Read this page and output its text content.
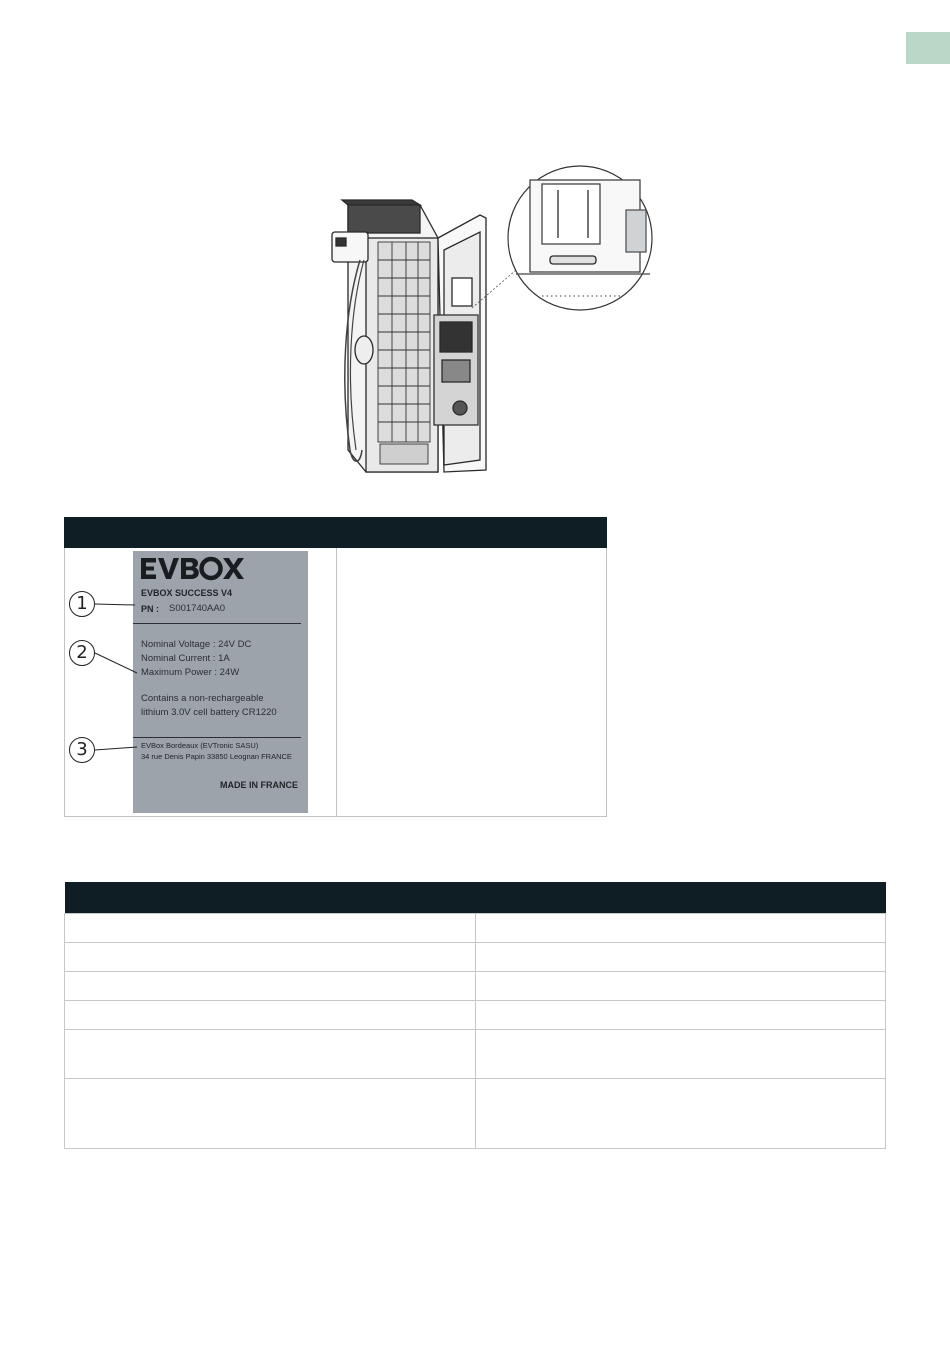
EVBOX SUCCESS V4
PN : S001740AA0
Nominal Voltage : 24V DC
Nominal Current : 1A
Maximum Power : 24W
Contains a non-rechargeable
lithium 3.0V cell battery CR1220
EVBox Bordeaux (EVTronic SASU)
34 rue Denis Papin 33850 Leognan FRANCE
MADE IN FRANCE
1
2
3
